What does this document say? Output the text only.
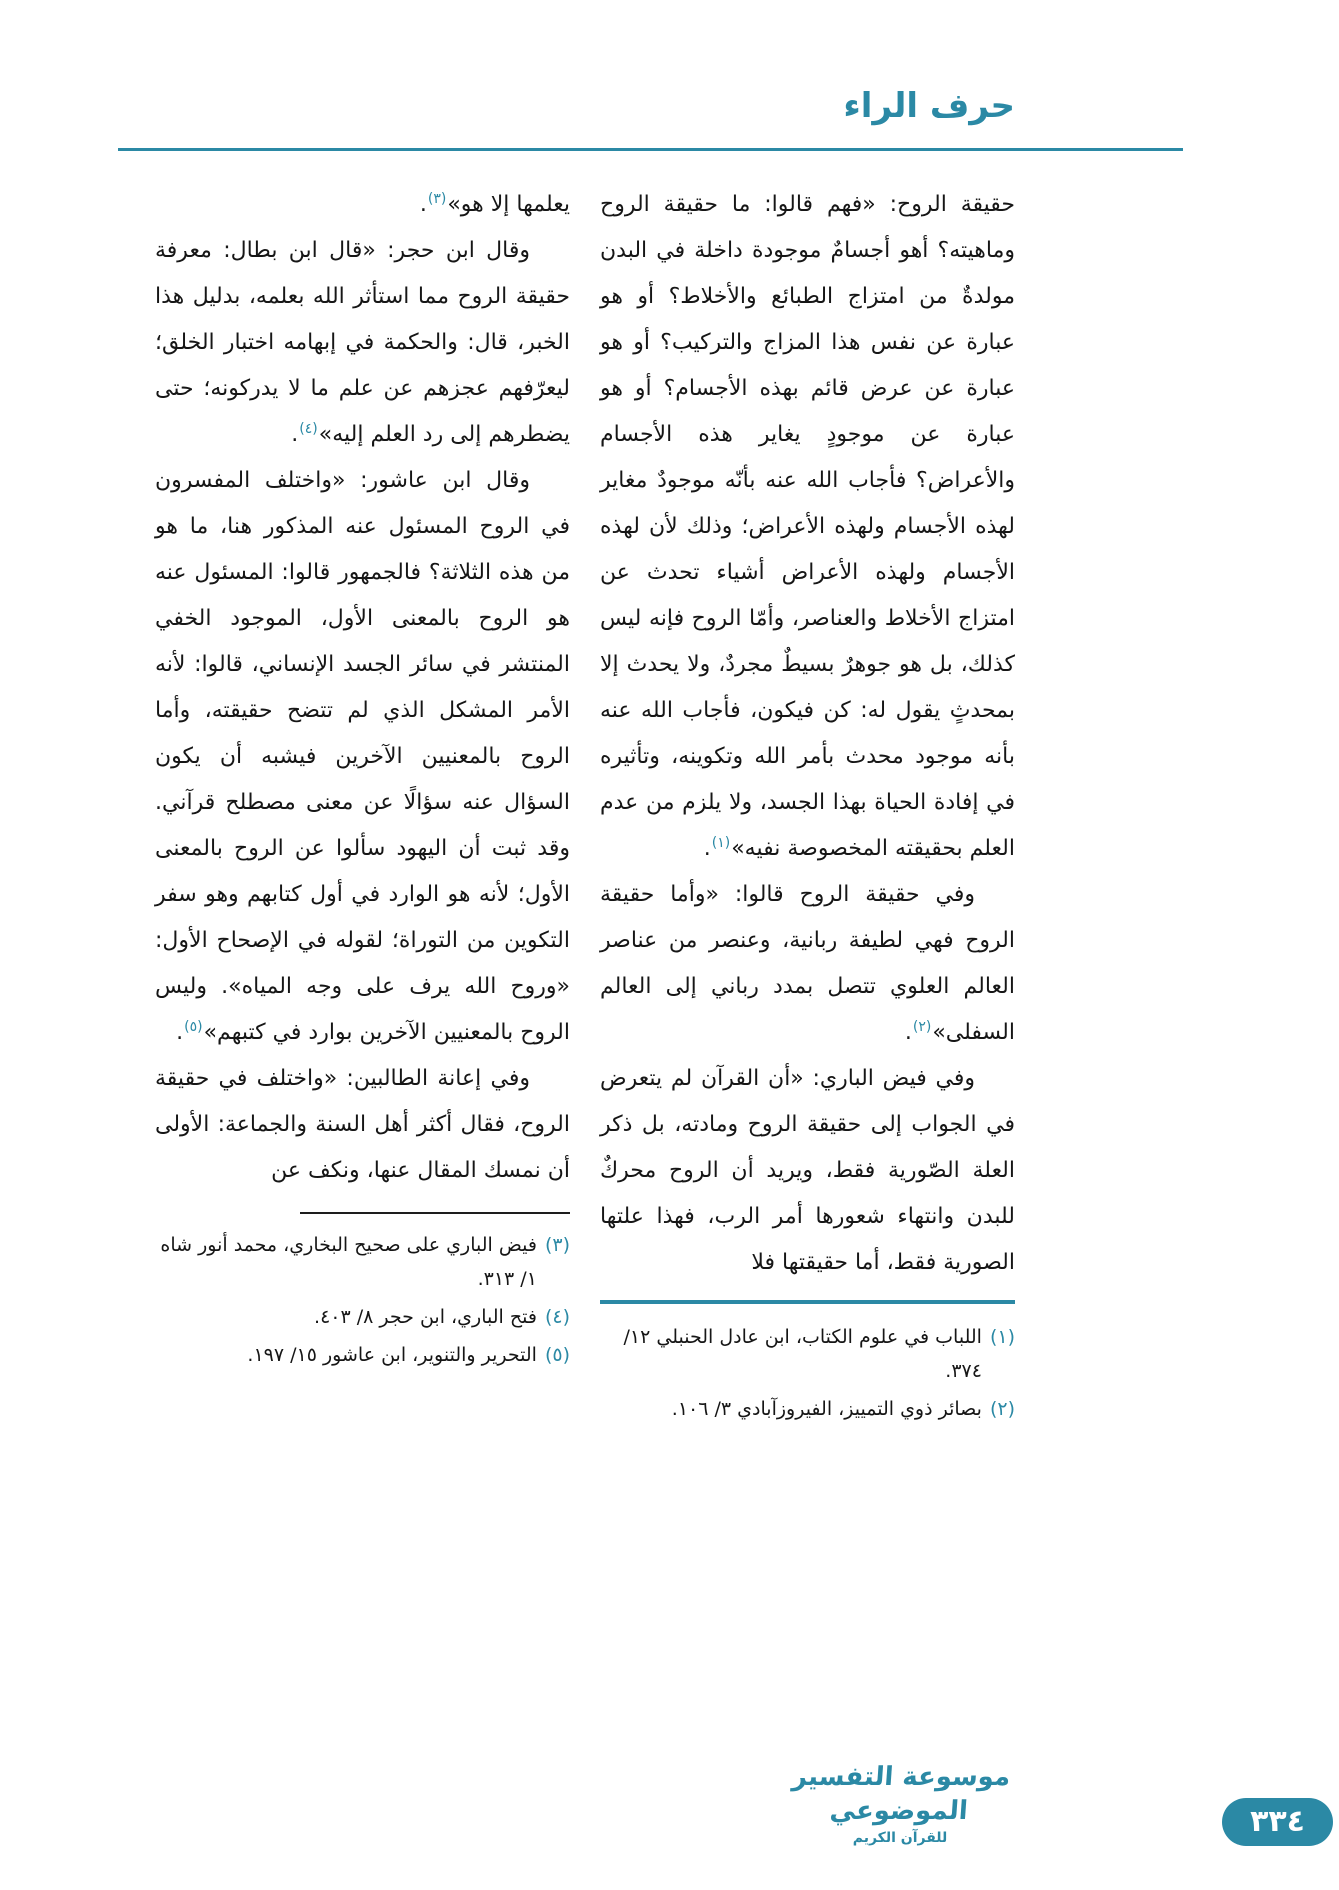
حرف الراء

حقيقة الروح: «فهم قالوا: ما حقيقة الروح وماهيته؟ أهو أجسامٌ موجودة داخلة في البدن مولدةٌ من امتزاج الطبائع والأخلاط؟ أو هو عبارة عن نفس هذا المزاج والتركيب؟ أو هو عبارة عن عرض قائم بهذه الأجسام؟ أو هو عبارة عن موجودٍ يغاير هذه الأجسام والأعراض؟ فأجاب الله عنه بأنّه موجودٌ مغاير لهذه الأجسام ولهذه الأعراض؛ وذلك لأن لهذه الأجسام ولهذه الأعراض أشياء تحدث عن امتزاج الأخلاط والعناصر، وأمّا الروح فإنه ليس كذلك، بل هو جوهرٌ بسيطٌ مجردٌ، ولا يحدث إلا بمحدثٍ يقول له: كن فيكون، فأجاب الله عنه بأنه موجود محدث بأمر الله وتكوينه، وتأثيره في إفادة الحياة بهذا الجسد، ولا يلزم من عدم العلم بحقيقته المخصوصة نفيه»$^{(١)}$.

وفي حقيقة الروح قالوا: «وأما حقيقة الروح فهي لطيفة ربانية، وعنصر من عناصر العالم العلوي تتصل بمدد رباني إلى العالم السفلى»$^{(٢)}$.

وفي فيض الباري: «أن القرآن لم يتعرض في الجواب إلى حقيقة الروح ومادته، بل ذكر العلة الصّورية فقط، ويريد أن الروح محركٌ للبدن وانتهاء شعورها أمر الرب، فهذا علتها الصورية فقط، أما حقيقتها فلا

(١)
اللباب في علوم الكتاب، ابن عادل الحنبلي ١٢/ ٣٧٤.
(٢)
بصائر ذوي التمييز، الفيروزآبادي ٣/ ١٠٦.

يعلمها إلا هو»$^{(٣)}$.

وقال ابن حجر: «قال ابن بطال: معرفة حقيقة الروح مما استأثر الله بعلمه، بدليل هذا الخبر، قال: والحكمة في إبهامه اختبار الخلق؛ ليعرّفهم عجزهم عن علم ما لا يدركونه؛ حتى يضطرهم إلى رد العلم إليه»$^{(٤)}$.

وقال ابن عاشور: «واختلف المفسرون في الروح المسئول عنه المذكور هنا، ما هو من هذه الثلاثة؟ فالجمهور قالوا: المسئول عنه هو الروح بالمعنى الأول، الموجود الخفي المنتشر في سائر الجسد الإنساني، قالوا: لأنه الأمر المشكل الذي لم تتضح حقيقته، وأما الروح بالمعنيين الآخرين فيشبه أن يكون السؤال عنه سؤالًا عن معنى مصطلح قرآني. وقد ثبت أن اليهود سألوا عن الروح بالمعنى الأول؛ لأنه هو الوارد في أول كتابهم وهو سفر التكوين من التوراة؛ لقوله في الإصحاح الأول: «وروح الله يرف على وجه المياه». وليس الروح بالمعنيين الآخرين بوارد في كتبهم»$^{(٥)}$.

وفي إعانة الطالبين: «واختلف في حقيقة الروح، فقال أكثر أهل السنة والجماعة: الأولى أن نمسك المقال عنها، ونكف عن

(٣)
فيض الباري على صحيح البخاري، محمد أنور شاه ١/ ٣١٣.
(٤)
فتح الباري، ابن حجر ٨/ ٤٠٣.
(٥)
التحرير والتنوير، ابن عاشور ١٥/ ١٩٧.
موسوعة التفسير الموضوعي
للقرآن الكريم	٣٣٤
